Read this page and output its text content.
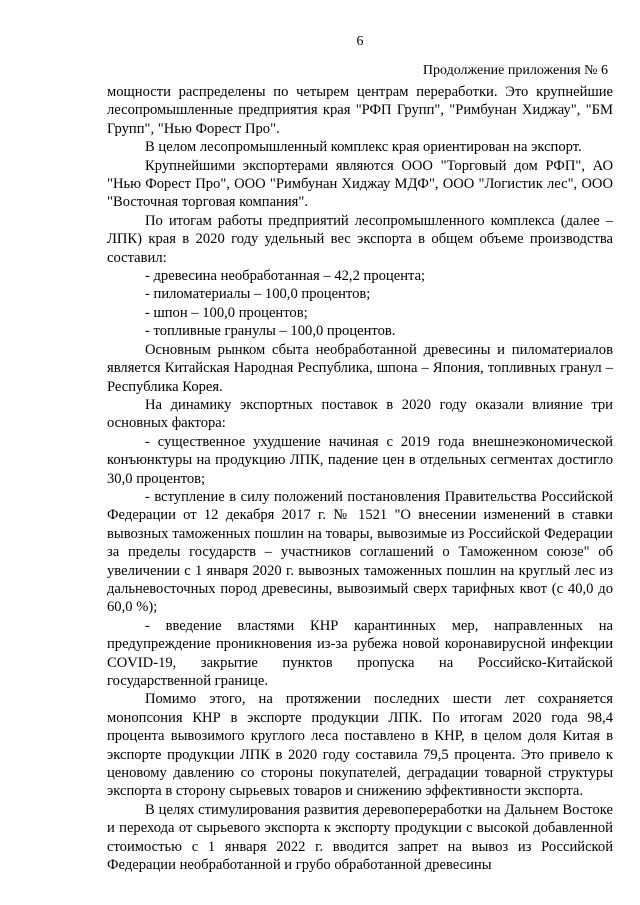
6
Продолжение приложения № 6

мощности распределены по четырем центрам переработки. Это крупнейшие лесопромышленные предприятия края "РФП Групп", "Римбунан Хиджау", "БМ Групп", "Нью Форест Про".

В целом лесопромышленный комплекс края ориентирован на экспорт.

Крупнейшими экспортерами являются ООО "Торговый дом РФП", АО "Нью Форест Про", ООО "Римбунан Хиджау МДФ", ООО "Логистик лес", ООО "Восточная торговая компания".

По итогам работы предприятий лесопромышленного комплекса (далее – ЛПК) края в 2020 году удельный вес экспорта в общем объеме производства составил:

- древесина необработанная – 42,2 процента;

- пиломатериалы – 100,0 процентов;

- шпон – 100,0 процентов;

- топливные гранулы – 100,0 процентов.

Основным рынком сбыта необработанной древесины и пиломатериалов является Китайская Народная Республика, шпона – Япония, топливных гранул – Республика Корея.

На динамику экспортных поставок в 2020 году оказали влияние три основных фактора:

- существенное ухудшение начиная с 2019 года внешнеэкономической конъюнктуры на продукцию ЛПК, падение цен в отдельных сегментах достигло 30,0 процентов;

- вступление в силу положений постановления Правительства Российской Федерации от 12 декабря 2017 г. № 1521 "О внесении изменений в ставки вывозных таможенных пошлин на товары, вывозимые из Российской Федерации за пределы государств – участников соглашений о Таможенном союзе" об увеличении с 1 января 2020 г. вывозных таможенных пошлин на круглый лес из дальневосточных пород древесины, вывозимый сверх тарифных квот (с 40,0 до 60,0 %);

- введение властями КНР карантинных мер, направленных на предупреждение проникновения из-за рубежа новой коронавирусной инфекции COVID-19, закрытие пунктов пропуска на Российско-Китайской государственной границе.

Помимо этого, на протяжении последних шести лет сохраняется монопсония КНР в экспорте продукции ЛПК. По итогам 2020 года 98,4 процента вывозимого круглого леса поставлено в КНР, в целом доля Китая в экспорте продукции ЛПК в 2020 году составила 79,5 процента. Это привело к ценовому давлению со стороны покупателей, деградации товарной структуры экспорта в сторону сырьевых товаров и снижению эффективности экспорта.

В целях стимулирования развития деревопереработки на Дальнем Востоке и перехода от сырьевого экспорта к экспорту продукции с высокой добавленной стоимостью с 1 января 2022 г. вводится запрет на вывоз из Российской Федерации необработанной и грубо обработанной древесины
